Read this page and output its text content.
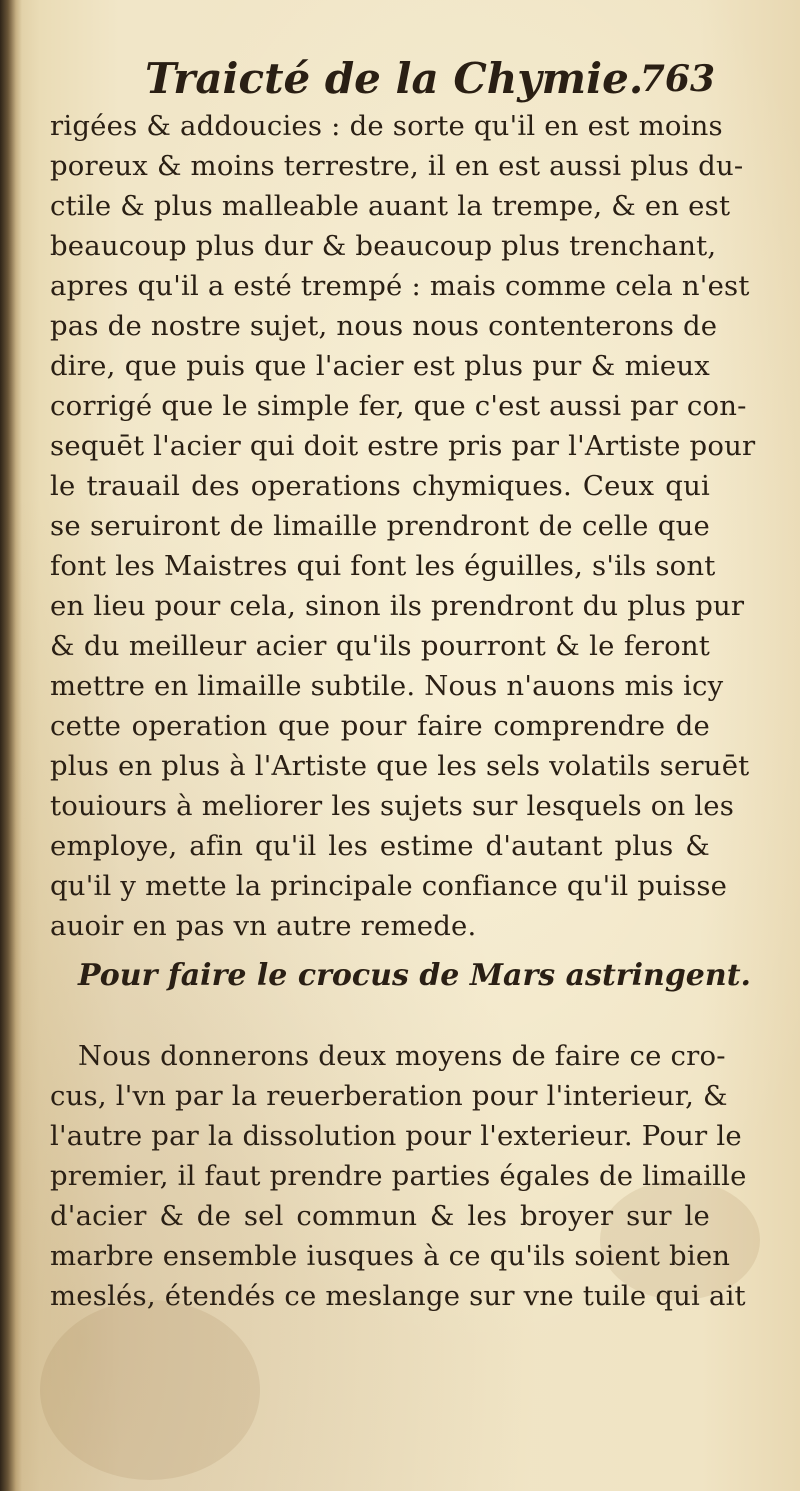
Traicté de la Chymie.
763
rigées & addoucies : de sorte qu'il en est moins
poreux & moins terrestre, il en est aussi plus du-
ctile & plus malleable auant la trempe, & en est
beaucoup plus dur & beaucoup plus trenchant,
apres qu'il a esté trempé : mais comme cela n'est
pas de nostre sujet, nous nous contenterons de
dire, que puis que l'acier est plus pur & mieux
corrigé que le simple fer, que c'est aussi par con-
sequēt l'acier qui doit estre pris par l'Artiste pour
le trauail des operations chymiques. Ceux qui
se seruiront de limaille prendront de celle que
font les Maistres qui font les éguilles, s'ils sont
en lieu pour cela, sinon ils prendront du plus pur
& du meilleur acier qu'ils pourront & le feront
mettre en limaille subtile. Nous n'auons mis icy
cette operation que pour faire comprendre de
plus en plus à l'Artiste que les sels volatils seruēt
touiours à meliorer les sujets sur lesquels on les
employe, afin qu'il les estime d'autant plus &
qu'il y mette la principale confiance qu'il puisse
auoir en pas vn autre remede.
Pour faire le crocus de Mars astringent.
Nous donnerons deux moyens de faire ce cro-
cus, l'vn par la reuerberation pour l'interieur, &
l'autre par la dissolution pour l'exterieur. Pour le
premier, il faut prendre parties égales de limaille
d'acier & de sel commun & les broyer sur le
marbre ensemble iusques à ce qu'ils soient bien
meslés, étendés ce meslange sur vne tuile qui ait
